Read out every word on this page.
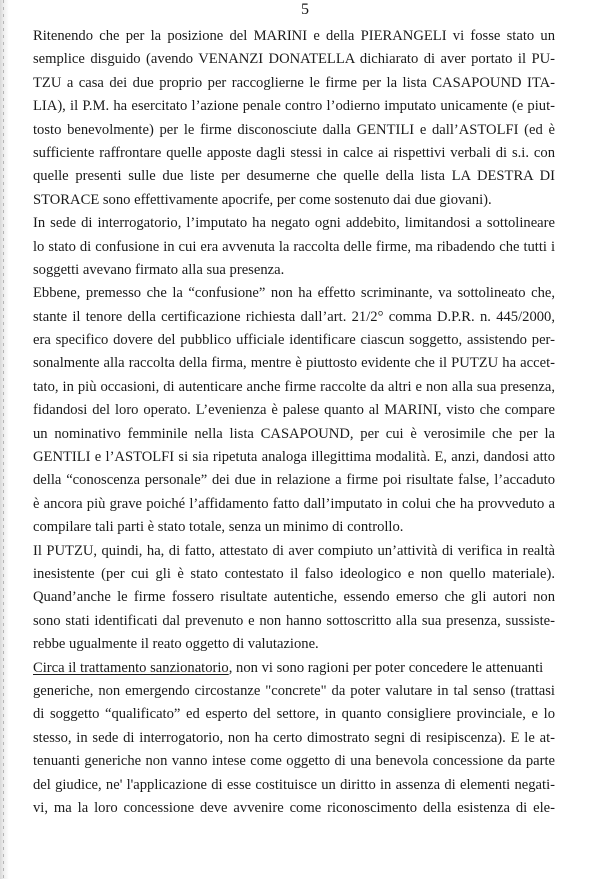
5
Ritenendo che per la posizione del MARINI e della PIERANGELI vi fosse stato un
semplice disguido (avendo VENANZI DONATELLA dichiarato di aver portato il PU-
TZU a casa dei due proprio per raccoglierne le firme per la lista CASAPOUND ITA-
LIA), il P.M. ha esercitato l’azione penale contro l’odierno imputato unicamente (e piut-
tosto benevolmente) per le firme disconosciute dalla GENTILI e dall’ASTOLFI (ed è
sufficiente raffrontare quelle apposte dagli stessi in calce ai rispettivi verbali di s.i. con
quelle presenti sulle due liste per desumerne che quelle della lista LA DESTRA DI
STORACE sono effettivamente apocrife, per come sostenuto dai due giovani).
In sede di interrogatorio, l’imputato ha negato ogni addebito, limitandosi a sottolineare
lo stato di confusione in cui era avvenuta la raccolta delle firme, ma ribadendo che tutti i
soggetti avevano firmato alla sua presenza.
Ebbene, premesso che la “confusione” non ha effetto scriminante, va sottolineato che,
stante il tenore della certificazione richiesta dall’art. 21/2° comma D.P.R. n. 445/2000,
era specifico dovere del pubblico ufficiale identificare ciascun soggetto, assistendo per-
sonalmente alla raccolta della firma, mentre è piuttosto evidente che il PUTZU ha accet-
tato, in più occasioni, di autenticare anche firme raccolte da altri e non alla sua presenza,
fidandosi del loro operato. L’evenienza è palese quanto al MARINI, visto che compare
un nominativo femminile nella lista CASAPOUND, per cui è verosimile che per la
GENTILI e l’ASTOLFI si sia ripetuta analoga illegittima modalità. E, anzi, dandosi atto
della “conoscenza personale” dei due in relazione a firme poi risultate false, l’accaduto
è ancora più grave poiché l’affidamento fatto dall’imputato in colui che ha provveduto a
compilare tali parti è stato totale, senza un minimo di controllo.
Il PUTZU, quindi, ha, di fatto, attestato di aver compiuto un’attività di verifica in realtà
inesistente (per cui gli è stato contestato il falso ideologico e non quello materiale).
Quand’anche le firme fossero risultate autentiche, essendo emerso che gli autori non
sono stati identificati dal prevenuto e non hanno sottoscritto alla sua presenza, sussiste-
rebbe ugualmente il reato oggetto di valutazione.
Circa il trattamento sanzionatorio, non vi sono ragioni per poter concedere le attenuanti
generiche, non emergendo circostanze "concrete" da poter valutare in tal senso (trattasi
di soggetto “qualificato” ed esperto del settore, in quanto consigliere provinciale, e lo
stesso, in sede di interrogatorio, non ha certo dimostrato segni di resipiscenza). E le at-
tenuanti generiche non vanno intese come oggetto di una benevola concessione da parte
del giudice, ne' l'applicazione di esse costituisce un diritto in assenza di elementi negati-
vi, ma la loro concessione deve avvenire come riconoscimento della esistenza di ele-
